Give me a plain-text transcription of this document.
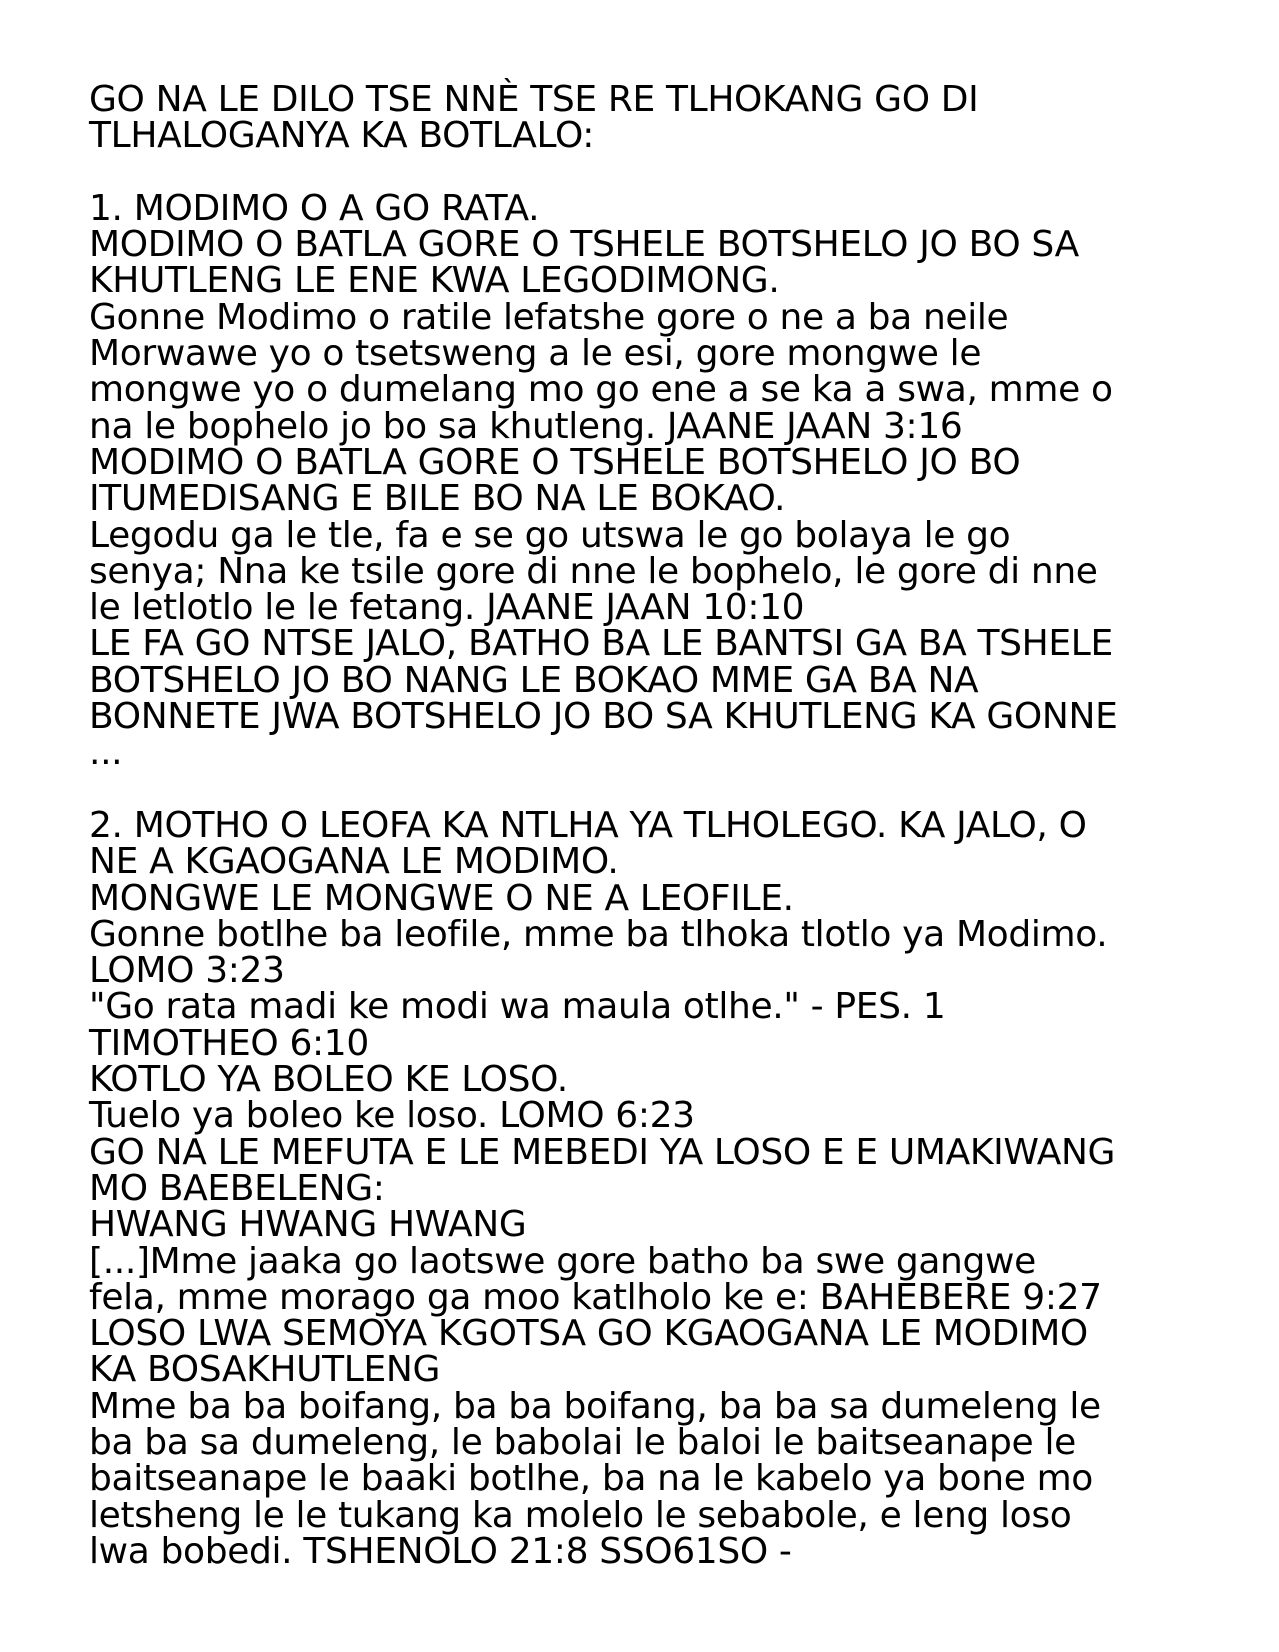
GO NA LE DILO TSE NNÈ TSE RE TLHOKANG GO DI
TLHALOGANYA KA BOTLALO:
1. MODIMO O A GO RATA.
MODIMO O BATLA GORE O TSHELE BOTSHELO JO BO SA
KHUTLENG LE ENE KWA LEGODIMONG.
Gonne Modimo o ratile lefatshe gore o ne a ba neile
Morwawe yo o tsetsweng a le esi, gore mongwe le
mongwe yo o dumelang mo go ene a se ka a swa, mme o
na le bophelo jo bo sa khutleng. JAANE JAAN 3:16
MODIMO O BATLA GORE O TSHELE BOTSHELO JO BO
ITUMEDISANG E BILE BO NA LE BOKAO.
Legodu ga le tle, fa e se go utswa le go bolaya le go
senya; Nna ke tsile gore di nne le bophelo, le gore di nne
le letlotlo le le fetang. JAANE JAAN 10:10
LE FA GO NTSE JALO, BATHO BA LE BANTSI GA BA TSHELE
BOTSHELO JO BO NANG LE BOKAO MME GA BA NA
BONNETE JWA BOTSHELO JO BO SA KHUTLENG KA GONNE
...
2. MOTHO O LEOFA KA NTLHA YA TLHOLEGO. KA JALO, O
NE A KGAOGANA LE MODIMO.
MONGWE LE MONGWE O NE A LEOFILE.
Gonne botlhe ba leofile, mme ba tlhoka tlotlo ya Modimo.
LOMO 3:23
"Go rata madi ke modi wa maula otlhe." - PES. 1
TIMOTHEO 6:10
KOTLO YA BOLEO KE LOSO.
Tuelo ya boleo ke loso. LOMO 6:23
GO NA LE MEFUTA E LE MEBEDI YA LOSO E E UMAKIWANG
MO BAEBELENG:
HWANG HWANG HWANG
[...]Mme jaaka go laotswe gore batho ba swe gangwe
fela, mme morago ga moo katlholo ke e: BAHEBERE 9:27
LOSO LWA SEMOYA KGOTSA GO KGAOGANA LE MODIMO
KA BOSAKHUTLENG
Mme ba ba boifang, ba ba boifang, ba ba sa dumeleng le
ba ba sa dumeleng, le babolai le baloi le baitseanape le
baitseanape le baaki botlhe, ba na le kabelo ya bone mo
letsheng le le tukang ka molelo le sebabole, e leng loso
lwa bobedi. TSHENOLO 21:8 SSO61SO -
